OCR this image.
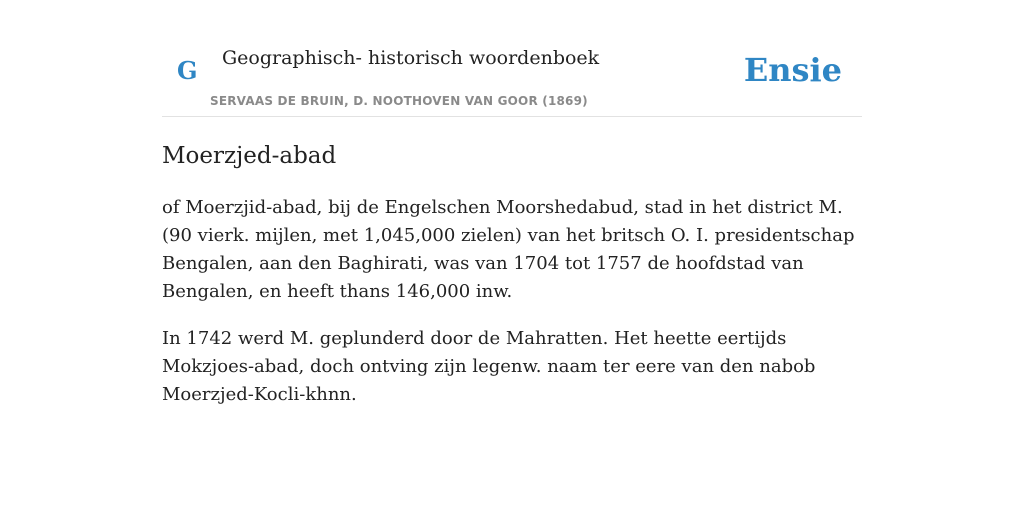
G Geographisch- historisch woordenboek
SERVAAS DE BRUIN, D. NOOTHOVEN VAN GOOR (1869)
Ensie
Moerzjed-abad

of Moerzjid-abad, bij de Engelschen Moorshedabud, stad in het district M. (90 vierk. mijlen, met 1,045,000 zielen) van het britsch O. I. presidentschap Bengalen, aan den Baghirati, was van 1704 tot 1757 de hoofdstad van Bengalen, en heeft thans 146,000 inw.

In 1742 werd M. geplunderd door de Mahratten. Het heette eertijds Mokzjoes-abad, doch ontving zijn legenw. naam ter eere van den nabob Moerzjed-Kocli-khnn.
